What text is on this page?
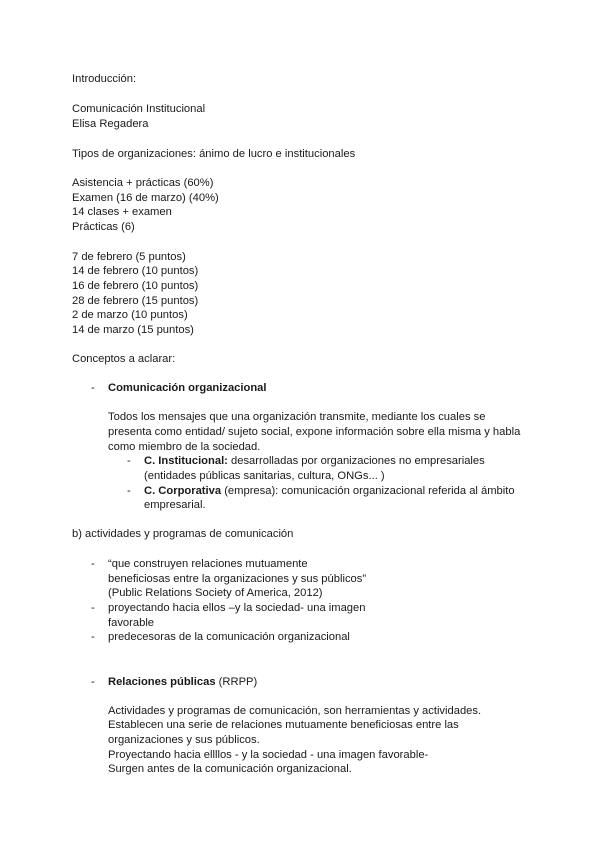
Introducción:
Comunicación Institucional
Elisa Regadera
Tipos de organizaciones: ánimo de lucro e institucionales
Asistencia + prácticas (60%)
Examen (16 de marzo) (40%)
14 clases + examen
Prácticas (6)
7 de febrero (5 puntos)
14 de febrero (10 puntos)
16 de febrero (10 puntos)
28 de febrero (15 puntos)
2 de marzo (10 puntos)
14 de marzo (15 puntos)
Conceptos a aclarar:
- Comunicación organizacional
Todos los mensajes que una organización transmite, mediante los cuales se
presenta como entidad/ sujeto social, expone información sobre ella misma y habla
como miembro de la sociedad.
- C. Institucional: desarrolladas por organizaciones no empresariales
(entidades públicas sanitarias, cultura, ONGs... )
- C. Corporativa (empresa): comunicación organizacional referida al ámbito
empresarial.
b) actividades y programas de comunicación
- “que construyen relaciones mutuamente
beneficiosas entre la organizaciones y sus públicos”
(Public Relations Society of America, 2012)
- proyectando hacia ellos –y la sociedad- una imagen
favorable
- predecesoras de la comunicación organizacional
- Relaciones públicas (RRPP)
Actividades y programas de comunicación, son herramientas y actividades.
Establecen una serie de relaciones mutuamente beneficiosas entre las
organizaciones y sus públicos.
Proyectando hacia ellllos - y la sociedad - una imagen favorable-
Surgen antes de la comunicación organizacional.
